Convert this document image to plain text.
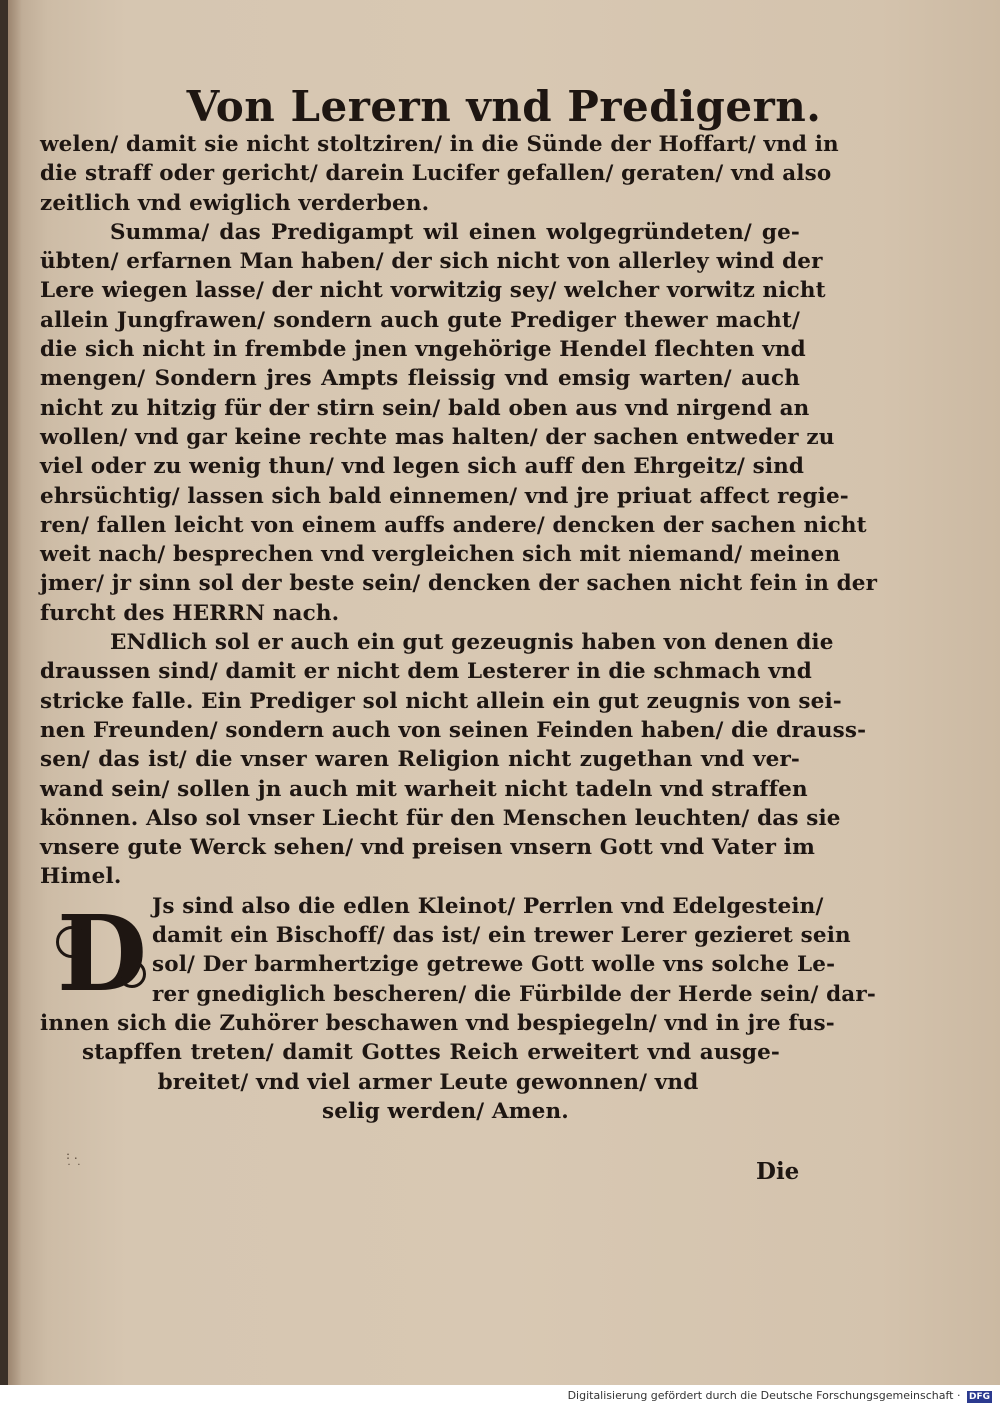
Von Lerern vnd Predigern.
welen/ damit sie nicht stoltziren/ in die Sünde der Hoffart/ vnd in
die straff oder gericht/ darein Lucifer gefallen/ geraten/ vnd also
zeitlich vnd ewiglich verderben.
Summa/ das Predigampt wil einen wolgegründeten/ ge-
übten/ erfarnen Man haben/ der sich nicht von allerley wind der
Lere wiegen lasse/ der nicht vorwitzig sey/ welcher vorwitz nicht
allein Jungfrawen/ sondern auch gute Prediger thewer macht/
die sich nicht in frembde jnen vngehörige Hendel flechten vnd
mengen/ Sondern jres Ampts fleissig vnd emsig warten/ auch
nicht zu hitzig für der stirn sein/ bald oben aus vnd nirgend an
wollen/ vnd gar keine rechte mas halten/ der sachen entweder zu
viel oder zu wenig thun/ vnd legen sich auff den Ehrgeitz/ sind
ehrsüchtig/ lassen sich bald einnemen/ vnd jre priuat affect regie-
ren/ fallen leicht von einem auffs andere/ dencken der sachen nicht
weit nach/ besprechen vnd vergleichen sich mit niemand/ meinen
jmer/ jr sinn sol der beste sein/ dencken der sachen nicht fein in der
furcht des HERRN nach.
ENdlich sol er auch ein gut gezeugnis haben von denen die
draussen sind/ damit er nicht dem Lesterer in die schmach vnd
stricke falle. Ein Prediger sol nicht allein ein gut zeugnis von sei-
nen Freunden/ sondern auch von seinen Feinden haben/ die drauss-
sen/ das ist/ die vnser waren Religion nicht zugethan vnd ver-
wand sein/ sollen jn auch mit warheit nicht tadeln vnd straffen
können. Also sol vnser Liecht für den Menschen leuchten/ das sie
vnsere gute Werck sehen/ vnd preisen vnsern Gott vnd Vater im
Himel.
Js sind also die edlen Kleinot/ Perrlen vnd Edelgestein/
damit ein Bischoff/ das ist/ ein trewer Lerer gezieret sein
sol/ Der barmhertzige getrewe Gott wolle vns solche Le-
rer gnediglich bescheren/ die Fürbilde der Herde sein/ dar-
innen sich die Zuhörer beschawen vnd bespiegeln/ vnd in jre fus-
stapffen treten/ damit Gottes Reich erweitert vnd ausge-
breitet/ vnd viel armer Leute gewonnen/ vnd
selig werden/ Amen.
D
: .
˙ ˙	Die
Digitalisierung gefördert durch die Deutsche Forschungsgemeinschaft · DFG
